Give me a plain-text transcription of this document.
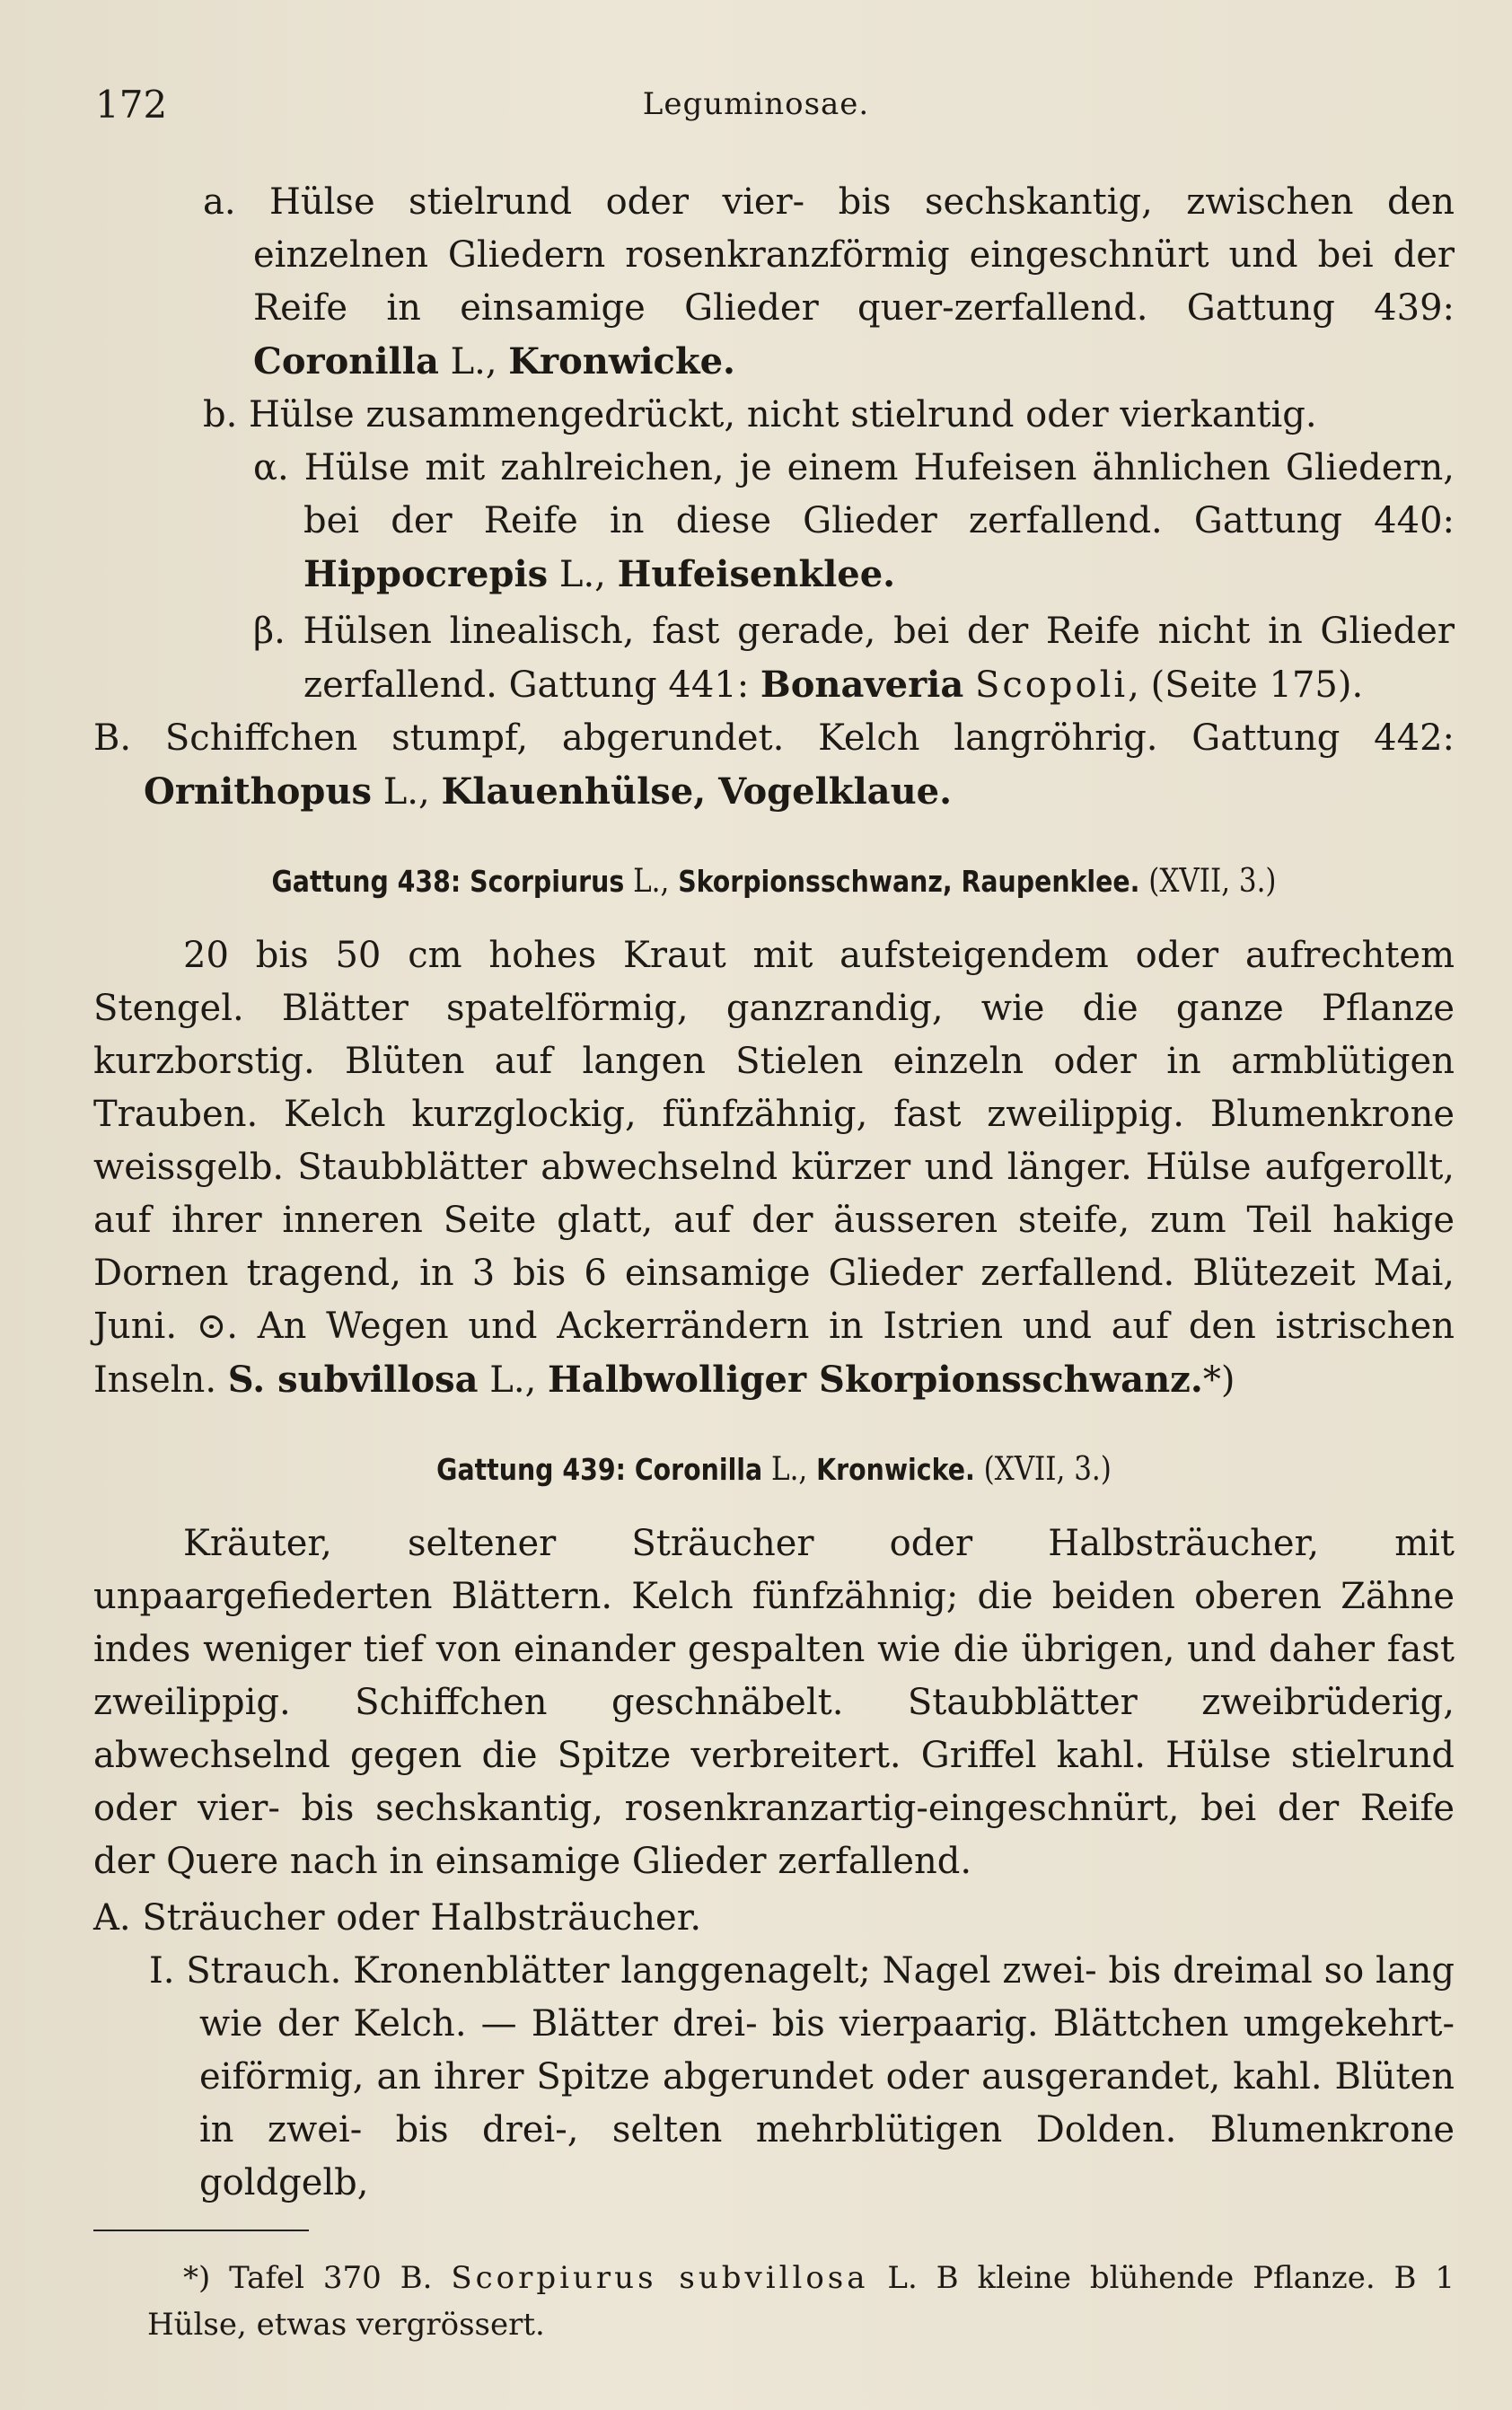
172	Leguminosae.

a. Hülse stielrund oder vier- bis sechskantig, zwischen den einzelnen Gliedern rosenkranzförmig eingeschnürt und bei der Reife in einsamige Glieder quer-zerfallend. Gattung 439: Coronilla L., Kronwicke.

b. Hülse zusammengedrückt, nicht stielrund oder vierkantig.

α. Hülse mit zahlreichen, je einem Hufeisen ähnlichen Gliedern, bei der Reife in diese Glieder zerfallend. Gattung 440: Hippocrepis L., Hufeisenklee.

β. Hülsen linealisch, fast gerade, bei der Reife nicht in Glieder zerfallend. Gattung 441: Bonaveria Scopoli, (Seite 175).

B. Schiffchen stumpf, abgerundet. Kelch langröhrig. Gattung 442: Ornithopus L., Klauenhülse, Vogelklaue.

Gattung 438: Scorpiurus L., Skorpionsschwanz, Raupenklee. (XVII, 3.)

20 bis 50 cm hohes Kraut mit aufsteigendem oder aufrechtem Stengel. Blätter spatelförmig, ganzrandig, wie die ganze Pflanze kurzborstig. Blüten auf langen Stielen einzeln oder in armblütigen Trauben. Kelch kurzglockig, fünfzähnig, fast zweilippig. Blumenkrone weissgelb. Staubblätter abwechselnd kürzer und länger. Hülse aufgerollt, auf ihrer inneren Seite glatt, auf der äusseren steife, zum Teil hakige Dornen tragend, in 3 bis 6 einsamige Glieder zerfallend. Blütezeit Mai, Juni. ⊙. An Wegen und Ackerrändern in Istrien und auf den istrischen Inseln. S. subvillosa L., Halbwolliger Skorpionsschwanz.*)

Gattung 439: Coronilla L., Kronwicke. (XVII, 3.)

Kräuter, seltener Sträucher oder Halbsträucher, mit unpaargefiederten Blättern. Kelch fünfzähnig; die beiden oberen Zähne indes weniger tief von einander gespalten wie die übrigen, und daher fast zweilippig. Schiffchen geschnäbelt. Staubblätter zweibrüderig, abwechselnd gegen die Spitze verbreitert. Griffel kahl. Hülse stielrund oder vier- bis sechskantig, rosenkranzartig-eingeschnürt, bei der Reife der Quere nach in einsamige Glieder zerfallend.

A. Sträucher oder Halbsträucher.

I. Strauch. Kronenblätter langgenagelt; Nagel zwei- bis dreimal so lang wie der Kelch. — Blätter drei- bis vierpaarig. Blättchen umgekehrt-eiförmig, an ihrer Spitze abgerundet oder ausgerandet, kahl. Blüten in zwei- bis drei-, selten mehrblütigen Dolden. Blumenkrone goldgelb,

*) Tafel 370 B. Scorpiurus subvillosa L. B kleine blühende Pflanze. B 1 Hülse, etwas vergrössert.
